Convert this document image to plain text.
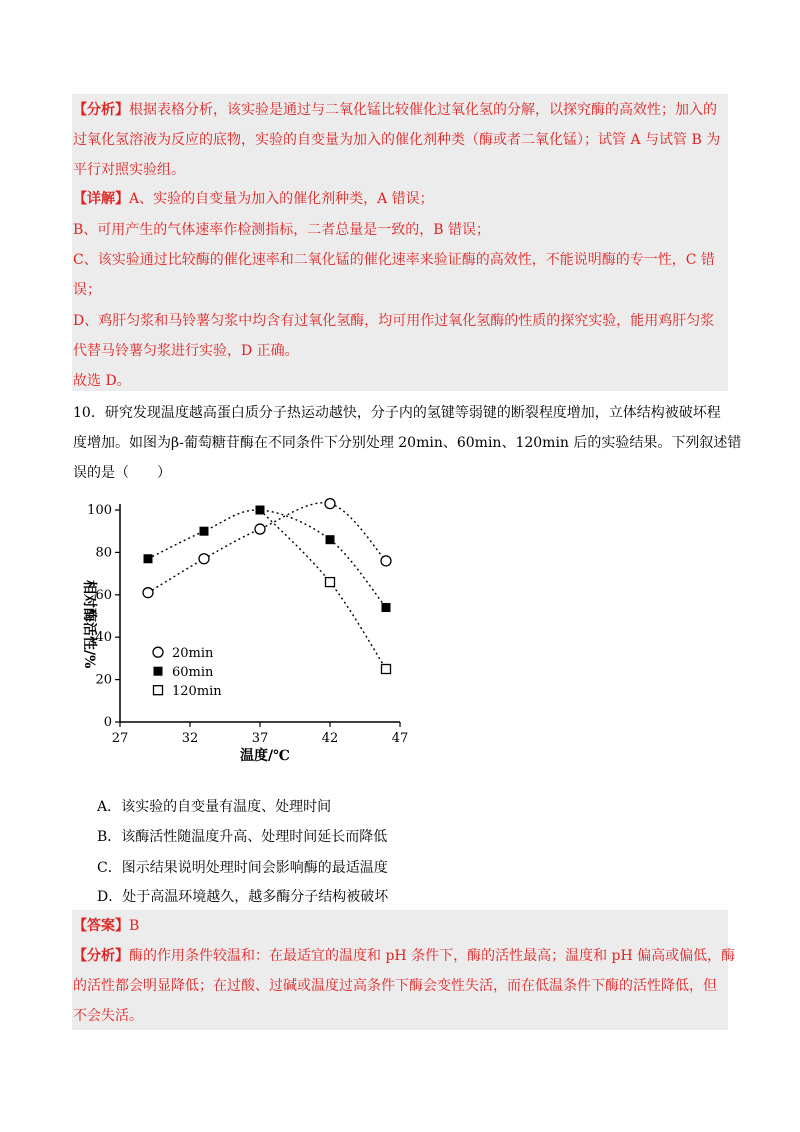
【分析】根据表格分析，该实验是通过与二氧化锰比较催化过氧化氢的分解，以探究酶的高效性；加入的
过氧化氢溶液为反应的底物，实验的自变量为加入的催化剂种类（酶或者二氧化锰）；试管 A 与试管 B 为
平行对照实验组。
【详解】A、实验的自变量为加入的催化剂种类，A 错误；
B、可用产生的气体速率作检测指标，二者总量是一致的，B 错误；
C、该实验通过比较酶的催化速率和二氧化锰的催化速率来验证酶的高效性，不能说明酶的专一性，C 错
误；
D、鸡肝匀浆和马铃薯匀浆中均含有过氧化氢酶，均可用作过氧化氢酶的性质的探究实验，能用鸡肝匀浆
代替马铃薯匀浆进行实验，D 正确。
故选 D。
10．研究发现温度越高蛋白质分子热运动越快，分子内的氢键等弱键的断裂程度增加，立体结构被破坏程
度增加。如图为β-葡萄糖苷酶在不同条件下分别处理 20min、60min、120min 后的实验结果。下列叙述错
误的是（　　）
27	32	37	42	47
0
20
40
60
80
100
20min
60min
120min
相对酶活性/%
温度/℃
A．该实验的自变量有温度、处理时间
B．该酶活性随温度升高、处理时间延长而降低
C．图示结果说明处理时间会影响酶的最适温度
D．处于高温环境越久，越多酶分子结构被破坏
【答案】B
【分析】酶的作用条件较温和：在最适宜的温度和 pH 条件下，酶的活性最高；温度和 pH 偏高或偏低，酶
的活性都会明显降低；在过酸、过碱或温度过高条件下酶会变性失活，而在低温条件下酶的活性降低，但
不会失活。
